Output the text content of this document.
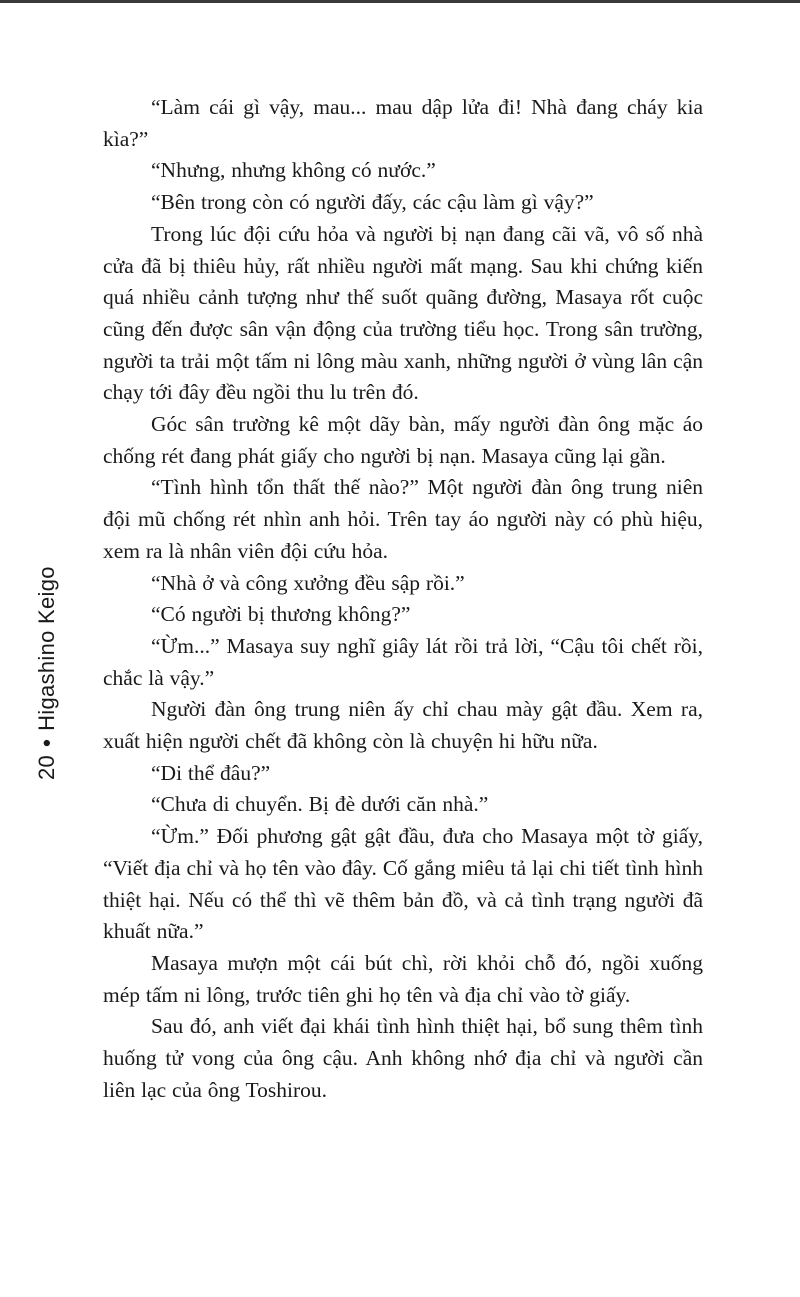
20•Higashino Keigo

“Làm cái gì vậy, mau... mau dập lửa đi! Nhà đang cháy kia kìa?”

“Nhưng, nhưng không có nước.”

“Bên trong còn có người đấy, các cậu làm gì vậy?”

Trong lúc đội cứu hỏa và người bị nạn đang cãi vã, vô số nhà cửa đã bị thiêu hủy, rất nhiều người mất mạng. Sau khi chứng kiến quá nhiều cảnh tượng như thế suốt quãng đường, Masaya rốt cuộc cũng đến được sân vận động của trường tiểu học. Trong sân trường, người ta trải một tấm ni lông màu xanh, những người ở vùng lân cận chạy tới đây đều ngồi thu lu trên đó.

Góc sân trường kê một dãy bàn, mấy người đàn ông mặc áo chống rét đang phát giấy cho người bị nạn. Masaya cũng lại gần.

“Tình hình tổn thất thế nào?” Một người đàn ông trung niên đội mũ chống rét nhìn anh hỏi. Trên tay áo người này có phù hiệu, xem ra là nhân viên đội cứu hỏa.

“Nhà ở và công xưởng đều sập rồi.”

“Có người bị thương không?”

“Ừm...” Masaya suy nghĩ giây lát rồi trả lời, “Cậu tôi chết rồi, chắc là vậy.”

Người đàn ông trung niên ấy chỉ chau mày gật đầu. Xem ra, xuất hiện người chết đã không còn là chuyện hi hữu nữa.

“Di thể đâu?”

“Chưa di chuyển. Bị đè dưới căn nhà.”

“Ừm.” Đối phương gật gật đầu, đưa cho Masaya một tờ giấy, “Viết địa chỉ và họ tên vào đây. Cố gắng miêu tả lại chi tiết tình hình thiệt hại. Nếu có thể thì vẽ thêm bản đồ, và cả tình trạng người đã khuất nữa.”

Masaya mượn một cái bút chì, rời khỏi chỗ đó, ngồi xuống mép tấm ni lông, trước tiên ghi họ tên và địa chỉ vào tờ giấy.

Sau đó, anh viết đại khái tình hình thiệt hại, bổ sung thêm tình huống tử vong của ông cậu. Anh không nhớ địa chỉ và người cần liên lạc của ông Toshirou.
